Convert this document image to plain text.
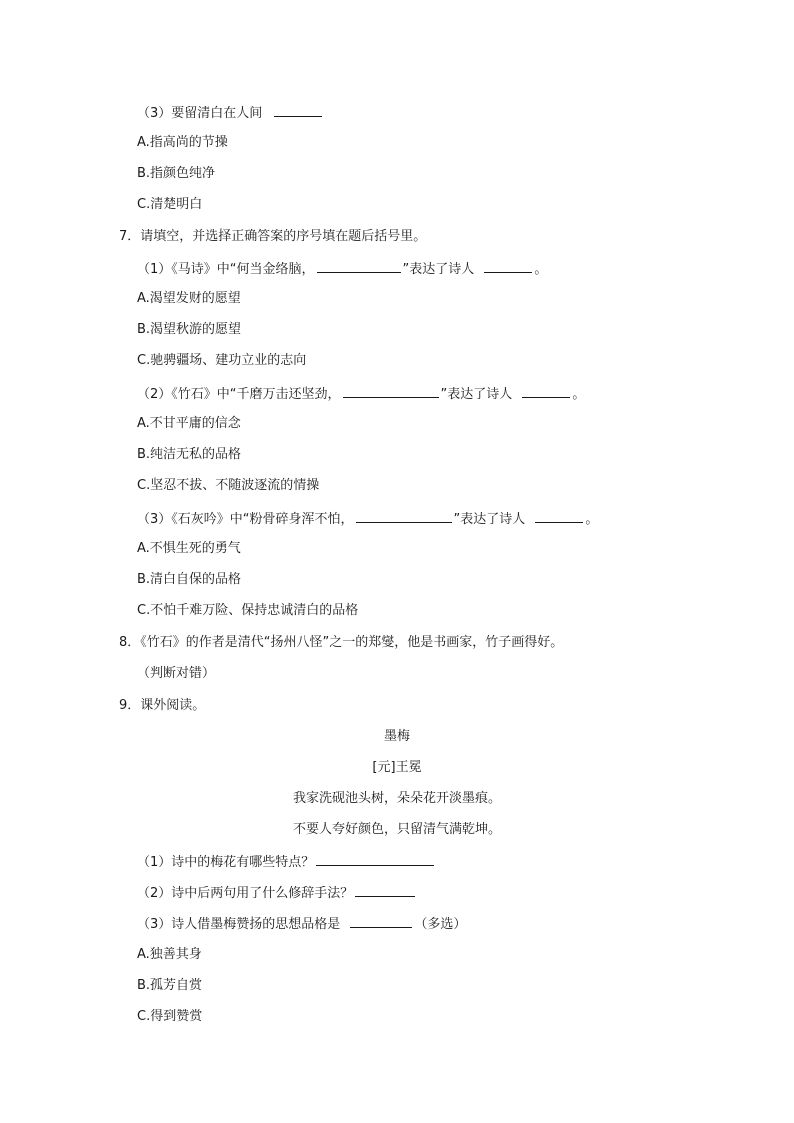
（3）要留清白在人间
A.指高尚的节操
B.指颜色纯净
C.清楚明白
7．请填空，并选择正确答案的序号填在题后括号里。
（1）《马诗》中“何当金络脑，	”表达了诗人	。
A.渴望发财的愿望
B.渴望秋游的愿望
C.驰骋疆场、建功立业的志向
（2）《竹石》中“千磨万击还坚劲，	”表达了诗人	。
A.不甘平庸的信念
B.纯洁无私的品格
C.坚忍不拔、不随波逐流的情操
（3）《石灰吟》中“粉骨碎身浑不怕，	”表达了诗人	。
A.不惧生死的勇气
B.清白自保的品格
C.不怕千难万险、保持忠诚清白的品格
8．《竹石》的作者是清代“扬州八怪”之一的郑燮，他是书画家，竹子画得好。
（判断对错）
9．课外阅读。
墨梅
[元]王冕
我家洗砚池头树，朵朵花开淡墨痕。
不要人夸好颜色，只留清气满乾坤。
（1）诗中的梅花有哪些特点？
（2）诗中后两句用了什么修辞手法？
（3）诗人借墨梅赞扬的思想品格是	（多选）
A.独善其身
B.孤芳自赏
C.得到赞赏
